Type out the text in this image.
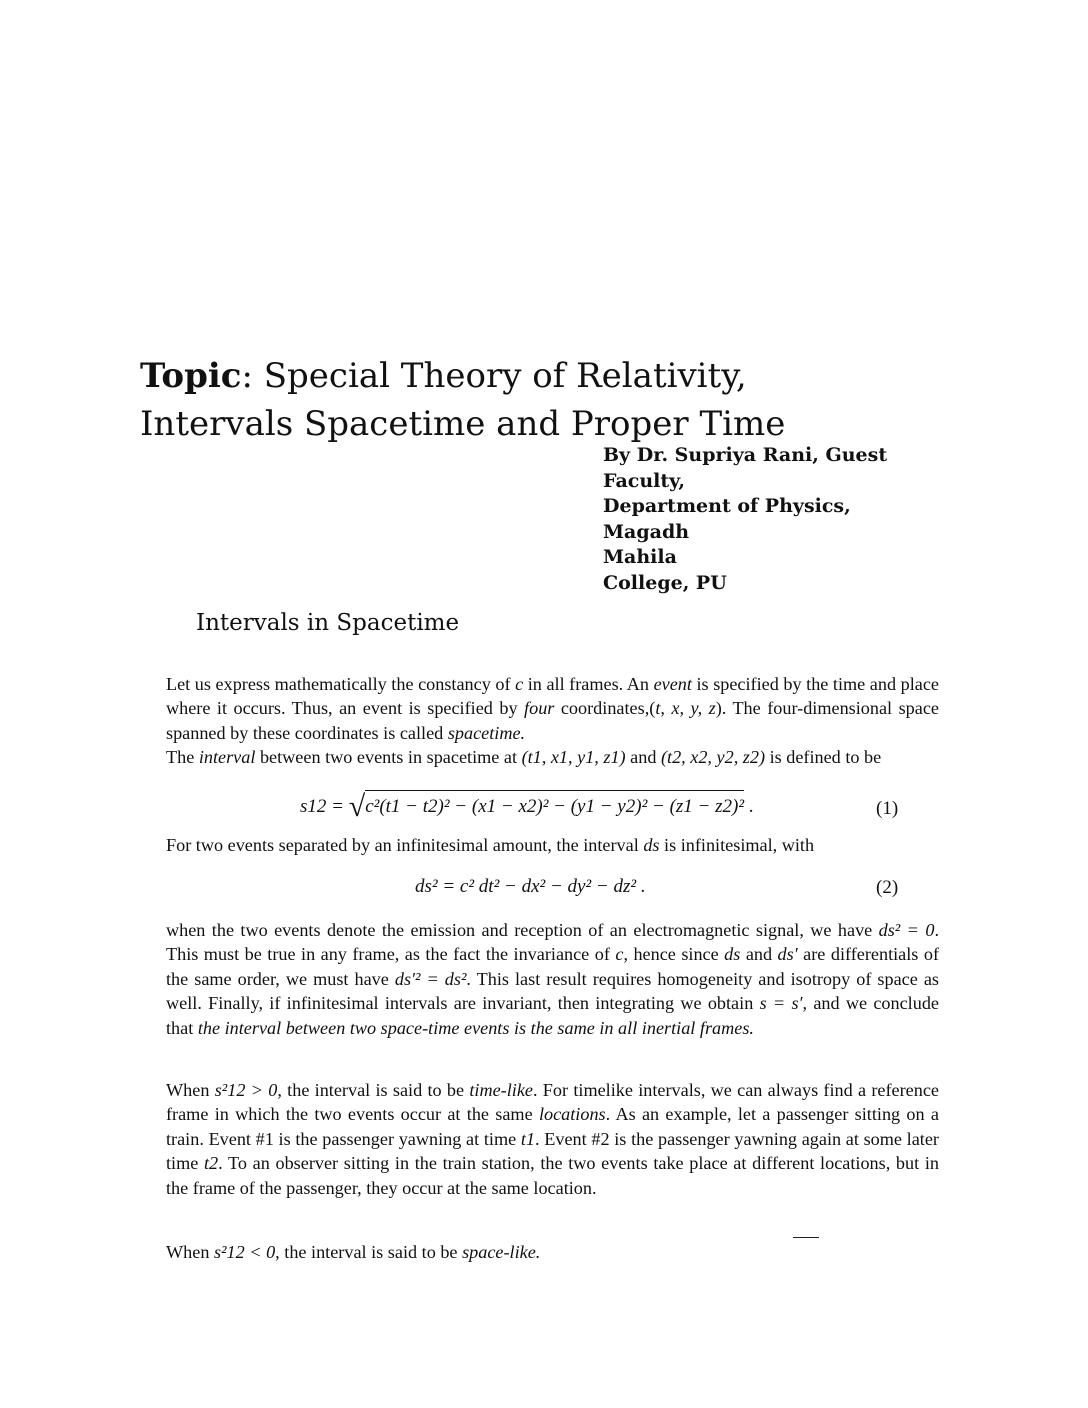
Topic: Special Theory of Relativity,
Intervals Spacetime and Proper Time
By Dr. Supriya Rani, Guest
Faculty,
Department of Physics, Magadh
Mahila
College, PU
Intervals in Spacetime
Let us express mathematically the constancy of c in all frames. An event is specified by the time and place where it occurs. Thus, an event is specified by four coordinates,(t, x, y, z). The four-dimensional space spanned by these coordinates is called spacetime.
The interval between two events in spacetime at (t1, x1, y1, z1) and (t2, x2, y2, z2) is defined to be
s12 = √c²(t1 − t2)² − (x1 − x2)² − (y1 − y2)² − (z1 − z2)² .	(1)
For two events separated by an infinitesimal amount, the interval ds is infinitesimal, with
ds² = c² dt² − dx² − dy² − dz² .	(2)
when the two events denote the emission and reception of an electromagnetic signal, we have ds² = 0. This must be true in any frame, as the fact the invariance of c, hence since ds and ds′ are differentials of the same order, we must have ds′² = ds². This last result requires homogeneity and isotropy of space as well. Finally, if infinitesimal intervals are invariant, then integrating we obtain s = s′, and we conclude that the interval between two space-time events is the same in all inertial frames.
When s²12 > 0, the interval is said to be time-like. For timelike intervals, we can always find a reference frame in which the two events occur at the same locations. As an example, let a passenger sitting on a train. Event #1 is the passenger yawning at time t1. Event #2 is the passenger yawning again at some later time t2. To an observer sitting in the train station, the two events take place at different locations, but in the frame of the passenger, they occur at the same location.
When s²12 < 0, the interval is said to be space-like.
